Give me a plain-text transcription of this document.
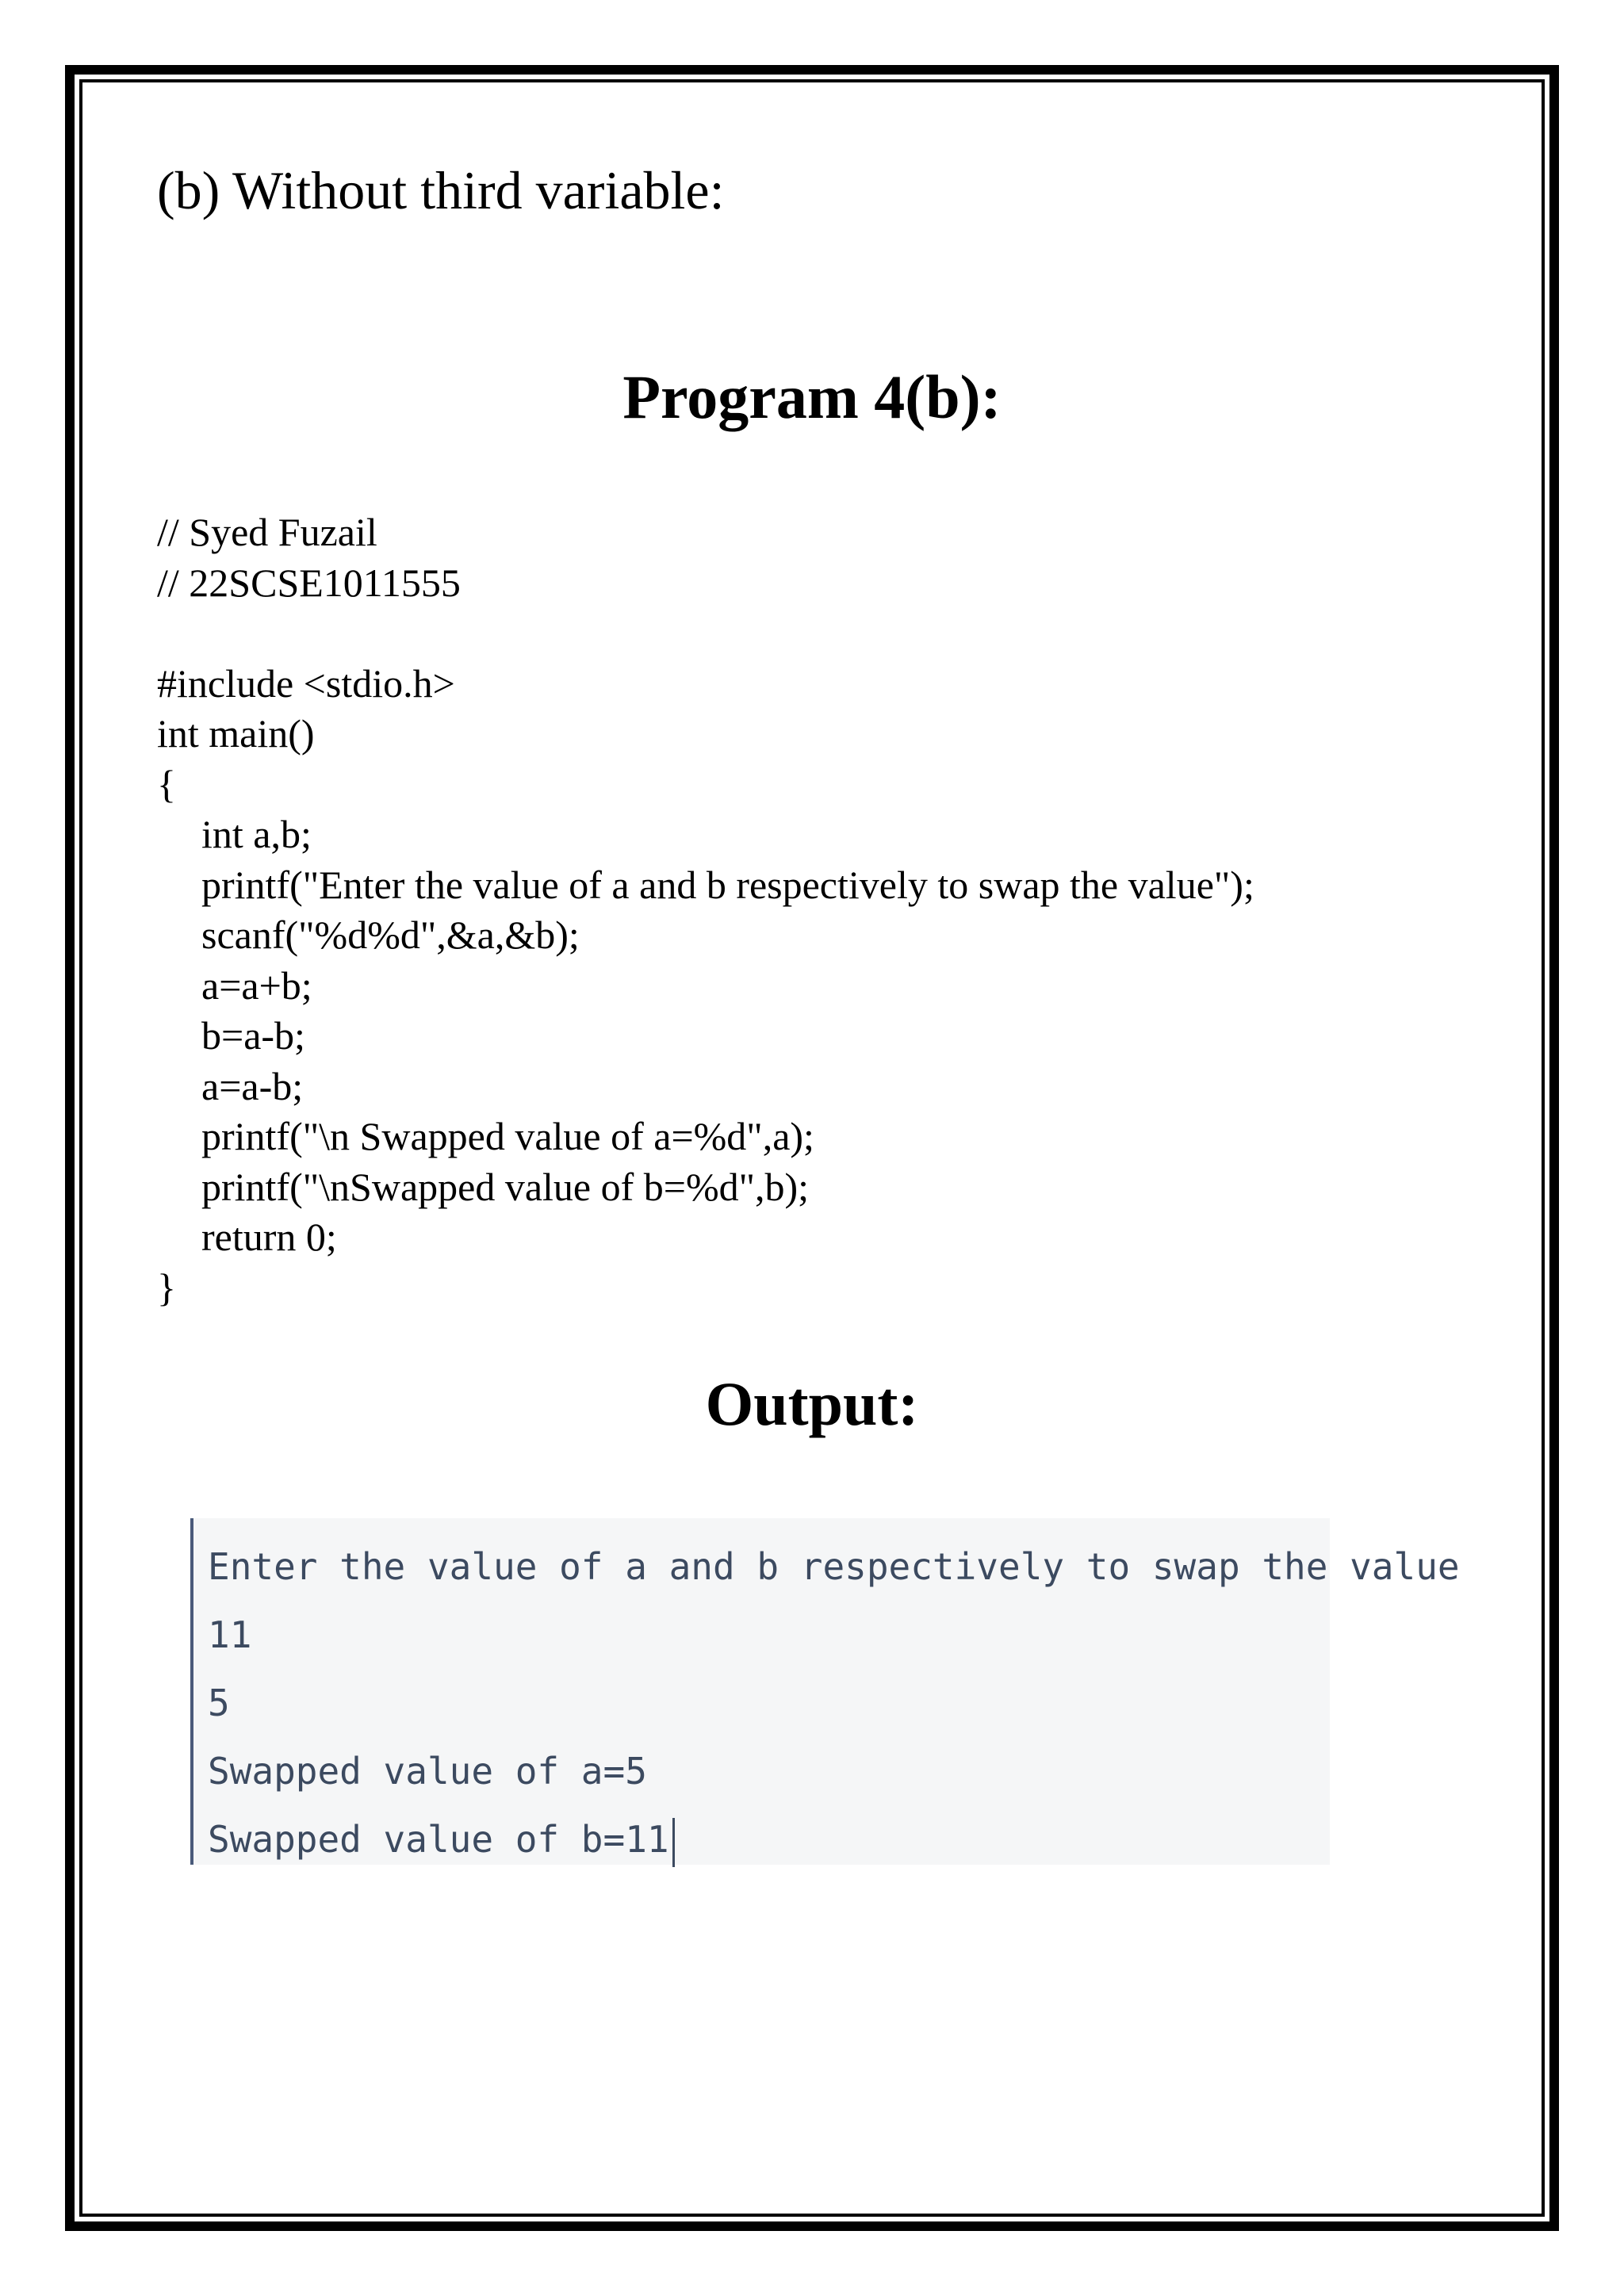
(b) Without third variable:
Program 4(b):
// Syed Fuzail
// 22SCSE1011555
#include <stdio.h>
int main()
{
int a,b;
printf("Enter the value of a and b respectively to swap the value");
scanf("%d%d",&a,&b);
a=a+b;
b=a-b;
a=a-b;
printf("\n Swapped value of a=%d",a);
printf("\nSwapped value of b=%d",b);
return 0;
}
Output:
Enter the value of a and b respectively to swap the value
11
5
Swapped value of a=5
Swapped value of b=11
